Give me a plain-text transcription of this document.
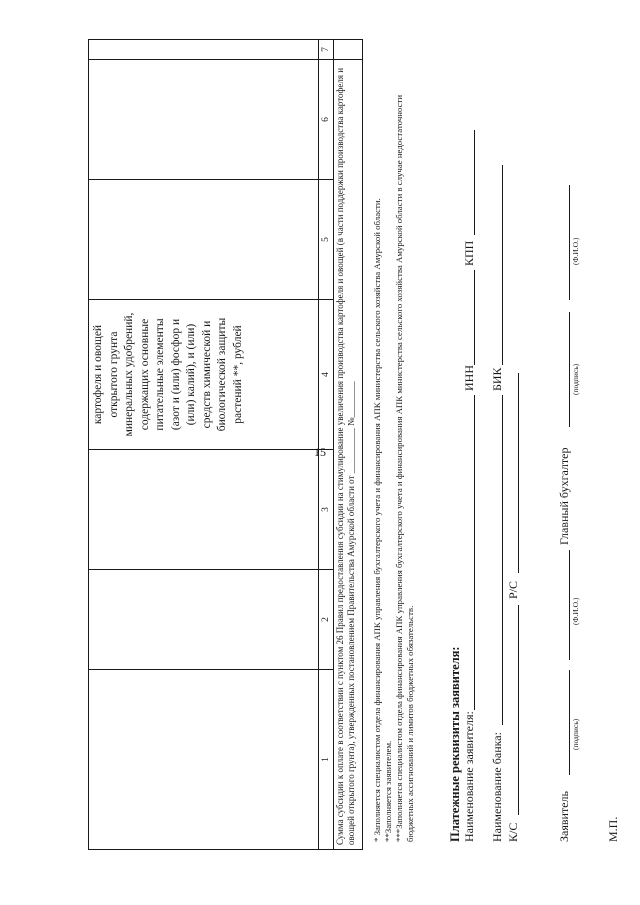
15

			картофеля и овощей открытого грунта минеральных удобрений, содержащих основные питательные элементы (азот и (или) фосфор и (или) калий), и (или) средств химической и биологической защиты растений **, рублей			

1	2	3	4	5	6	7
Сумма субсидии к оплате в соответствии с пунктом 26 Правил предоставления субсидии на стимулирование увеличения производства картофеля и овощей (в части поддержки производства картофеля и овощей открытого грунта), утвержденных постановлением Правительства Амурской области от __________ №________						* Заполняется специалистом отдела финансирования АПК управления бухгалтерского учета и финансирования АПК министерства сельского хозяйства Амурской области. **Заполняется заявителем. ***Заполняется специалистом отдела финансирования АПК управления бухгалтерского учета и финансирования АПК министерства сельского хозяйства Амурской области в случае недостаточности бюджетных ассигнований и лимитов бюджетных обязательств.	Платежные реквизиты заявителя: Наименование заявителя:
ИНН
КПП
Наименование банка:
БИК
К/С
Р/С
Заявитель
(подпись)
(Ф.И.О.)
Главный бухгалтер
(подпись)
(Ф.И.О.)
М.П.
